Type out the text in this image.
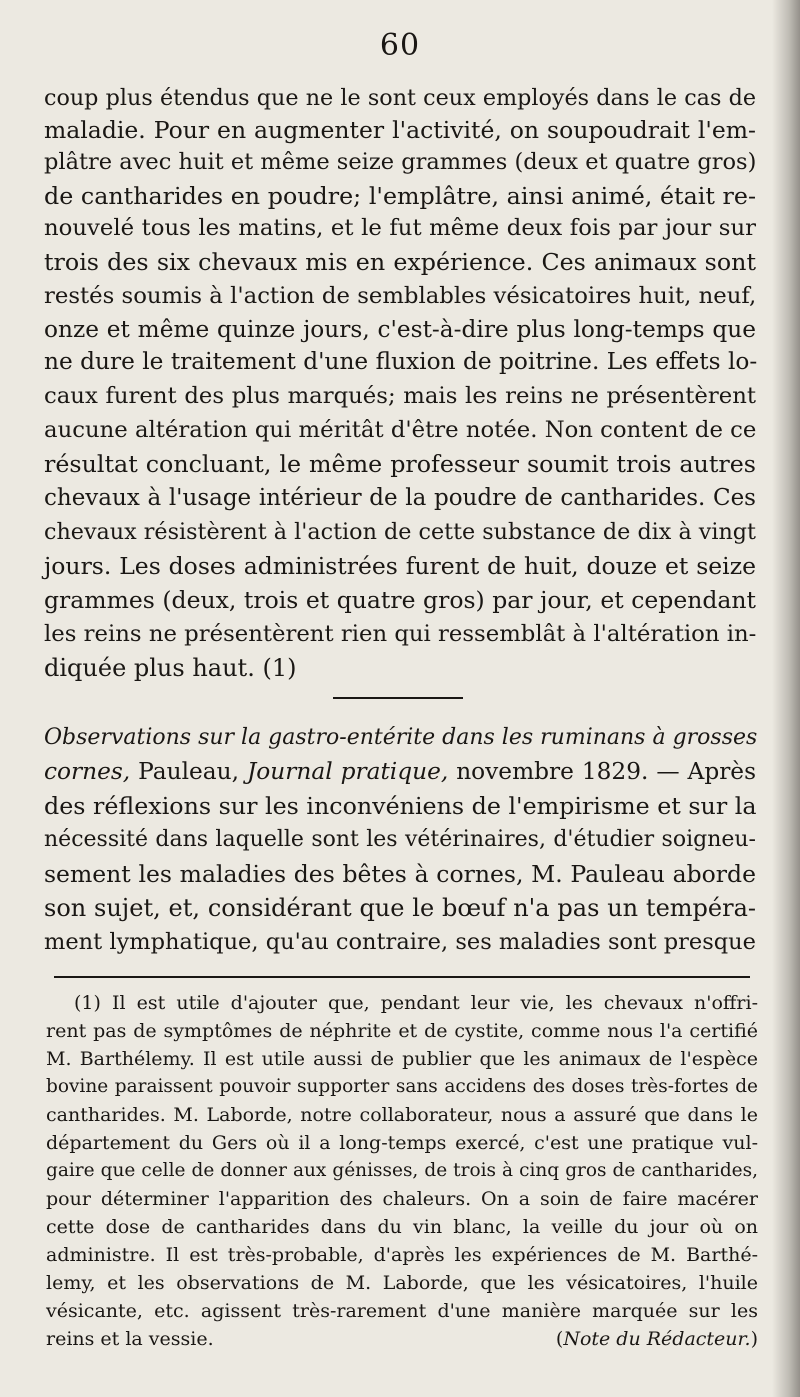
60

coup plus étendus que ne le sont ceux employés dans le cas de

maladie. Pour en augmenter l'activité, on soupoudrait l'em-

plâtre avec huit et même seize grammes (deux et quatre gros)

de cantharides en poudre; l'emplâtre, ainsi animé, était re-

nouvelé tous les matins, et le fut même deux fois par jour sur

trois des six chevaux mis en expérience. Ces animaux sont

restés soumis à l'action de semblables vésicatoires huit, neuf,

onze et même quinze jours, c'est-à-dire plus long-temps que

ne dure le traitement d'une fluxion de poitrine. Les effets lo-

caux furent des plus marqués; mais les reins ne présentèrent

aucune altération qui méritât d'être notée. Non content de ce

résultat concluant, le même professeur soumit trois autres

chevaux à l'usage intérieur de la poudre de cantharides. Ces

chevaux résistèrent à l'action de cette substance de dix à vingt

jours. Les doses administrées furent de huit, douze et seize

grammes (deux, trois et quatre gros) par jour, et cependant

les reins ne présentèrent rien qui ressemblât à l'altération in-

diquée plus haut. (1)

Observations sur la gastro-entérite dans les ruminans à grosses

cornes, Pauleau, Journal pratique, novembre 1829. — Après

des réflexions sur les inconvéniens de l'empirisme et sur la

nécessité dans laquelle sont les vétérinaires, d'étudier soigneu-

sement les maladies des bêtes à cornes, M. Pauleau aborde

son sujet, et, considérant que le bœuf n'a pas un tempéra-

ment lymphatique, qu'au contraire, ses maladies sont presque

(1) Il est utile d'ajouter que, pendant leur vie, les chevaux n'offri-

rent pas de symptômes de néphrite et de cystite, comme nous l'a certifié

M. Barthélemy. Il est utile aussi de publier que les animaux de l'espèce

bovine paraissent pouvoir supporter sans accidens des doses très-fortes de

cantharides. M. Laborde, notre collaborateur, nous a assuré que dans le

département du Gers où il a long-temps exercé, c'est une pratique vul-

gaire que celle de donner aux génisses, de trois à cinq gros de cantharides,

pour déterminer l'apparition des chaleurs. On a soin de faire macérer

cette dose de cantharides dans du vin blanc, la veille du jour où on

administre. Il est très-probable, d'après les expériences de M. Barthé-

lemy, et les observations de M. Laborde, que les vésicatoires, l'huile

vésicante, etc. agissent très-rarement d'une manière marquée sur les

reins et la vessie.	(Note du Rédacteur.)
